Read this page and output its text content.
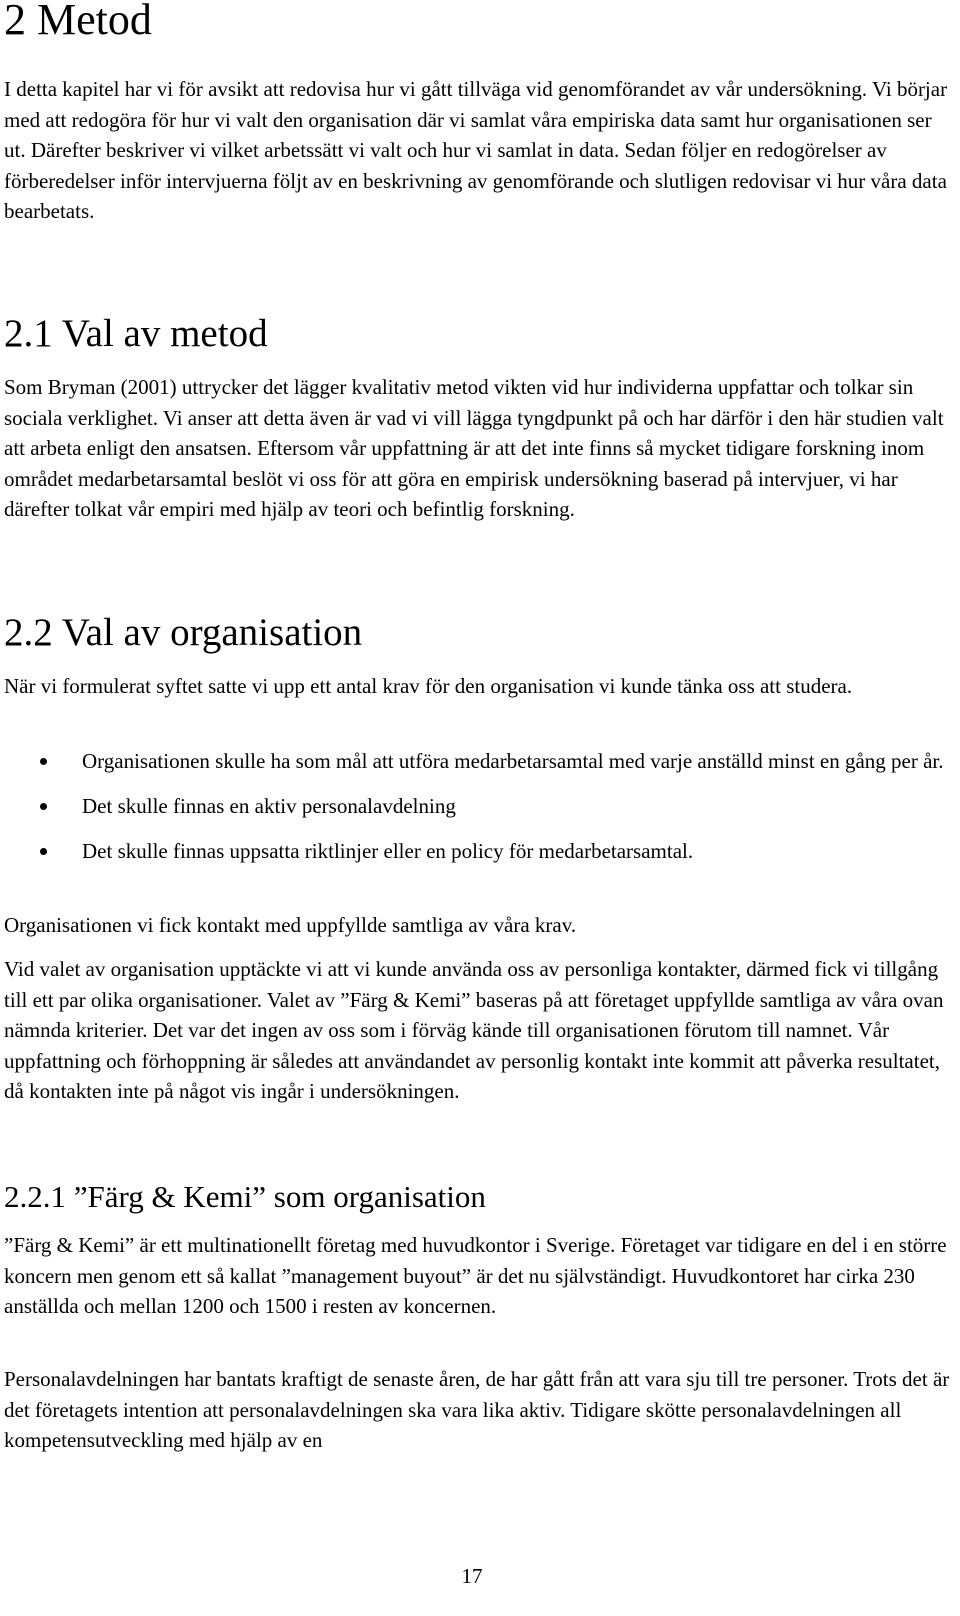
2 Metod

I detta kapitel har vi för avsikt att redovisa hur vi gått tillväga vid genomförandet av vår undersökning. Vi börjar med att redogöra för hur vi valt den organisation där vi samlat våra empiriska data samt hur organisationen ser ut. Därefter beskriver vi vilket arbetssätt vi valt och hur vi samlat in data. Sedan följer en redogörelser av förberedelser inför intervjuerna följt av en beskrivning av genomförande och slutligen redovisar vi hur våra data bearbetats.

2.1 Val av metod

Som Bryman (2001) uttrycker det lägger kvalitativ metod vikten vid hur individerna uppfattar och tolkar sin sociala verklighet. Vi anser att detta även är vad vi vill lägga tyngdpunkt på och har därför i den här studien valt att arbeta enligt den ansatsen. Eftersom vår uppfattning är att det inte finns så mycket tidigare forskning inom området medarbetarsamtal beslöt vi oss för att göra en empirisk undersökning baserad på intervjuer, vi har därefter tolkat vår empiri med hjälp av teori och befintlig forskning.

2.2 Val av organisation

När vi formulerat syftet satte vi upp ett antal krav för den organisation vi kunde tänka oss att studera.

Organisationen skulle ha som mål att utföra medarbetarsamtal med varje anställd minst en gång per år.
Det skulle finnas en aktiv personalavdelning
Det skulle finnas uppsatta riktlinjer eller en policy för medarbetarsamtal.

Organisationen vi fick kontakt med uppfyllde samtliga av våra krav.

Vid valet av organisation upptäckte vi att vi kunde använda oss av personliga kontakter, därmed fick vi tillgång till ett par olika organisationer. Valet av ”Färg & Kemi” baseras på att företaget uppfyllde samtliga av våra ovan nämnda kriterier. Det var det ingen av oss som i förväg kände till organisationen förutom till namnet. Vår uppfattning och förhoppning är således att användandet av personlig kontakt inte kommit att påverka resultatet, då kontakten inte på något vis ingår i undersökningen.

2.2.1 ”Färg & Kemi” som organisation

”Färg & Kemi” är ett multinationellt företag med huvudkontor i Sverige. Företaget var tidigare en del i en större koncern men genom ett så kallat ”management buyout” är det nu självständigt. Huvudkontoret har cirka 230 anställda och mellan 1200 och 1500 i resten av koncernen.

Personalavdelningen har bantats kraftigt de senaste åren, de har gått från att vara sju till tre personer. Trots det är det företagets intention att personalavdelningen ska vara lika aktiv. Tidigare skötte personalavdelningen all kompetensutveckling med hjälp av en

17
